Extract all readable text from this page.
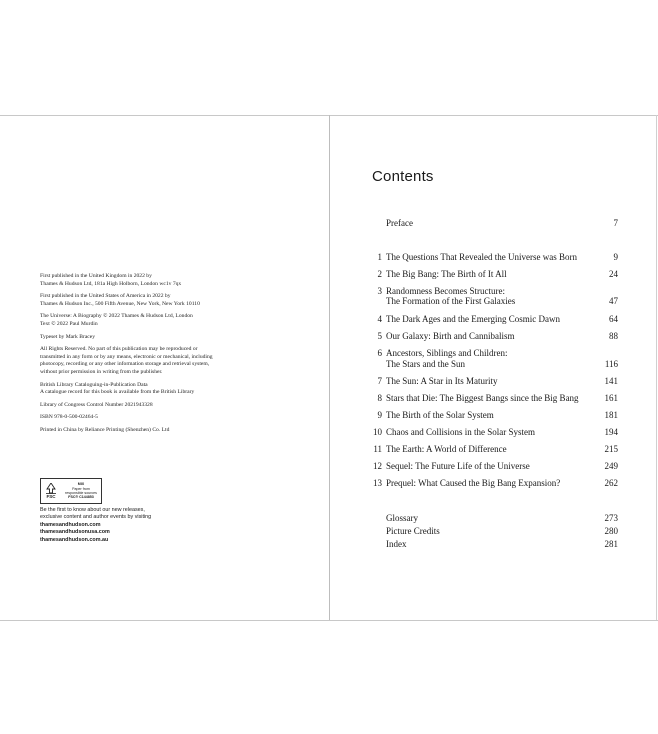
First published in the United Kingdom in 2022 by
Thames & Hudson Ltd, 181a High Holborn, London wc1v 7qx
First published in the United States of America in 2022 by
Thames & Hudson Inc., 500 Fifth Avenue, New York, New York 10110
The Universe: A Biography © 2022 Thames & Hudson Ltd, London
Text © 2022 Paul Murdin
Typeset by Mark Bracey
All Rights Reserved. No part of this publication may be reproduced or
transmitted in any form or by any means, electronic or mechanical, including
photocopy, recording or any other information storage and retrieval system,
without prior permission in writing from the publisher.
British Library Cataloguing-in-Publication Data
A catalogue record for this book is available from the British Library
Library of Congress Control Number 2021943328
ISBN 978-0-500-02464-5
Printed in China by Reliance Printing (Shenzhen) Co. Ltd
FSC
MIX
Paper from
responsible sources
FSC® C144853
Be the first to know about our new releases,
exclusive content and author events by visiting
thamesandhudson.com
thamesandhudsonusa.com
thamesandhudson.com.au
Contents
Preface	7
1 The Questions That Revealed the Universe was Born	9
2 The Big Bang: The Birth of It All	24
3 Randomness Becomes Structure:
The Formation of the First Galaxies	47
4 The Dark Ages and the Emerging Cosmic Dawn	64
5 Our Galaxy: Birth and Cannibalism	88
6 Ancestors, Siblings and Children:
The Stars and the Sun	116
7 The Sun: A Star in Its Maturity	141
8 Stars that Die: The Biggest Bangs since the Big Bang	161
9 The Birth of the Solar System	181
10 Chaos and Collisions in the Solar System	194
11 The Earth: A World of Difference	215
12 Sequel: The Future Life of the Universe	249
13 Prequel: What Caused the Big Bang Expansion?	262
Glossary	273
Picture Credits	280
Index	281
